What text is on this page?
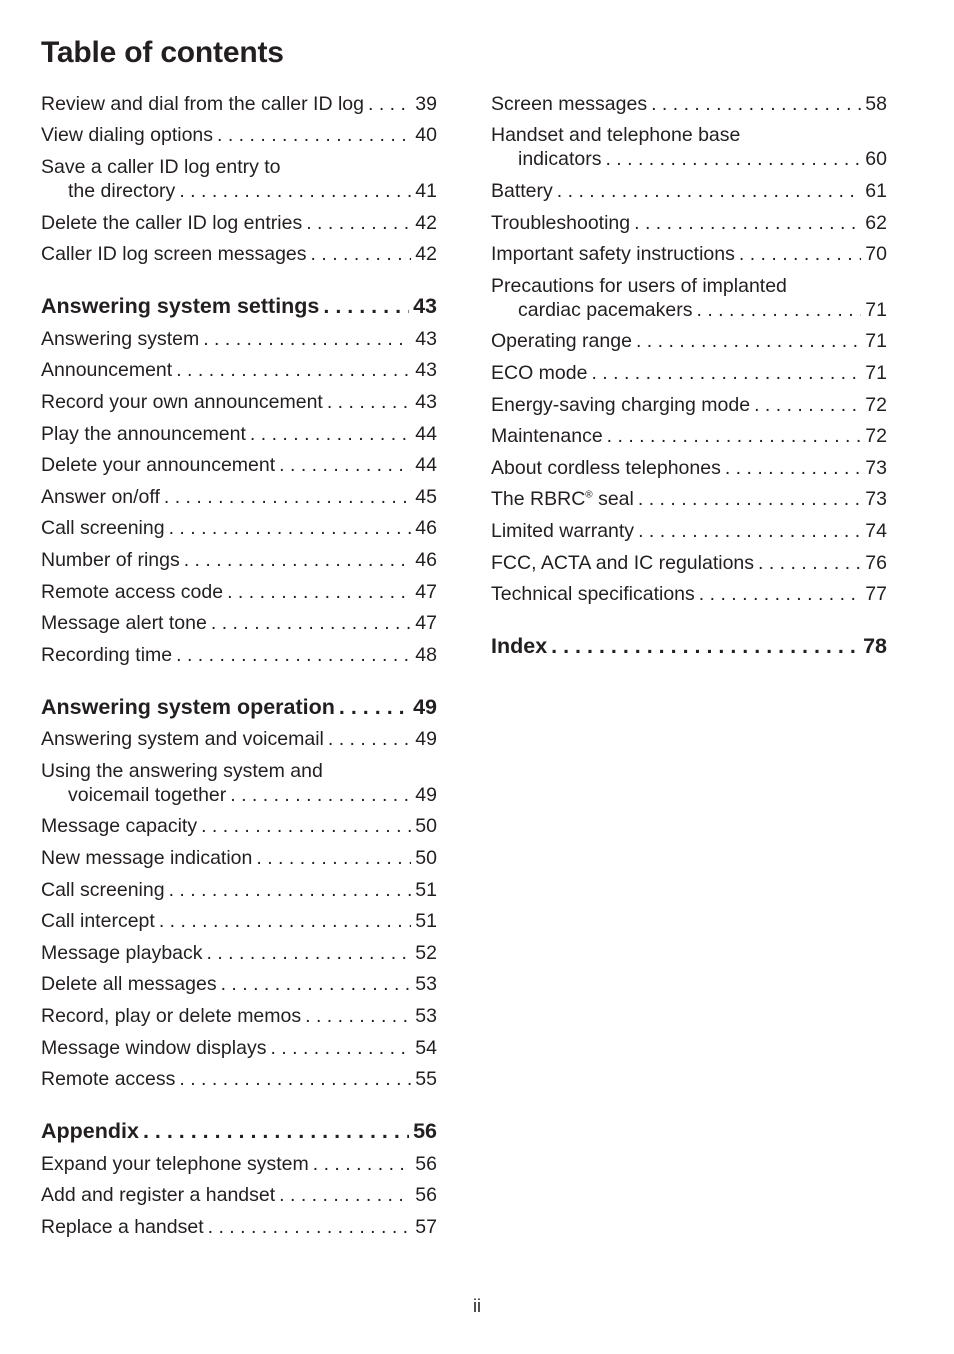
Table of contents
Review and dial from the caller ID log . . .	39
View dialing options . . .	40
Save a caller ID log entry to
the directory . . .	41
Delete the caller ID log entries . . .	42
Caller ID log screen messages . . .	42
Answering system settings . . .	43
Answering system . . .	43
Announcement . . .	43
Record your own announcement . . .	43
Play the announcement . . .	44
Delete your announcement . . .	44
Answer on/off . . .	45
Call screening . . .	46
Number of rings . . .	46
Remote access code . . .	47
Message alert tone . . .	47
Recording time . . .	48
Answering system operation . . .	49
Answering system and voicemail . . .	49
Using the answering system and
voicemail together . . .	49
Message capacity . . .	50
New message indication . . .	50
Call screening . . .	51
Call intercept . . .	51
Message playback . . .	52
Delete all messages . . .	53
Record, play or delete memos . . .	53
Message window displays . . .	54
Remote access . . .	55
Appendix . . .	56
Expand your telephone system . . .	56
Add and register a handset . . .	56
Replace a handset . . .	57
Screen messages . . .	58
Handset and telephone base
indicators . . .	60
Battery . . .	61
Troubleshooting . . .	62
Important safety instructions . . .	70
Precautions for users of implanted
cardiac pacemakers . . .	71
Operating range . . .	71
ECO mode . . .	71
Energy-saving charging mode . . .	72
Maintenance . . .	72
About cordless telephones . . .	73
The RBRC® seal . . .	73
Limited warranty . . .	74
FCC, ACTA and IC regulations . . .	76
Technical specifications . . .	77
Index . . .	78
ii
